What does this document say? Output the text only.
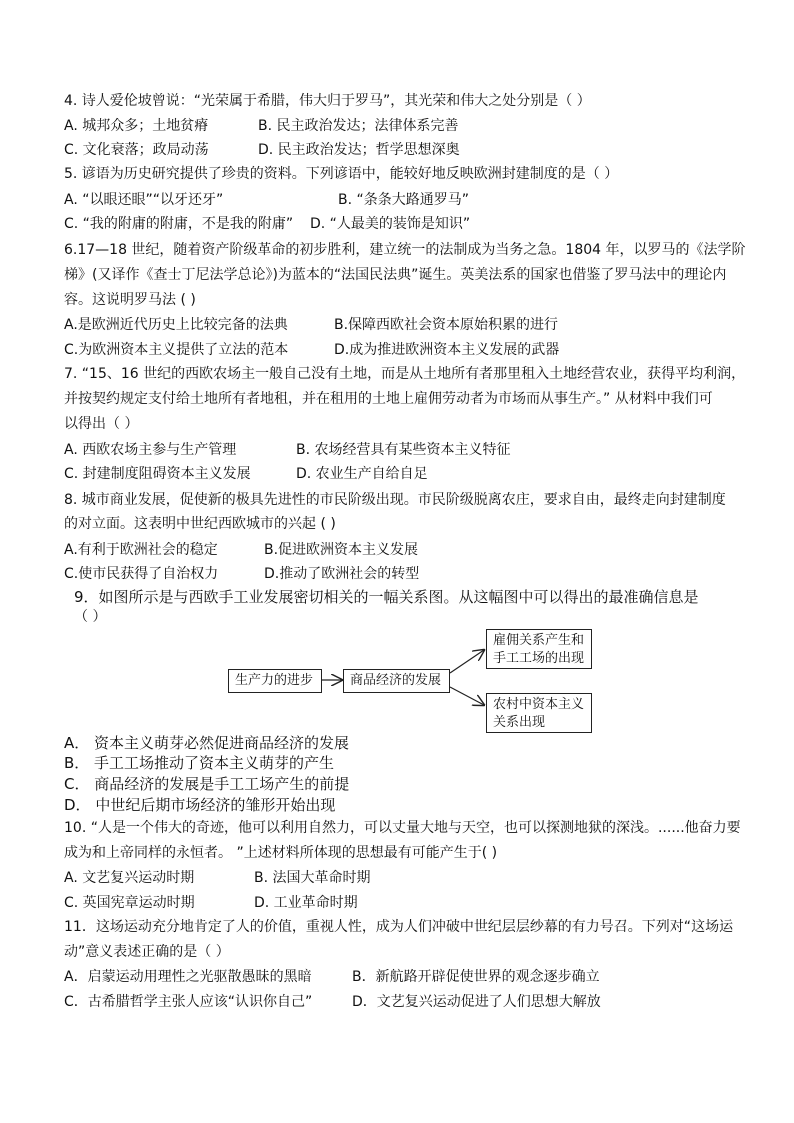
4. 诗人爱伦坡曾说：“光荣属于希腊，伟大归于罗马”，其光荣和伟大之处分别是（ ）
A. 城邦众多；土地贫瘠	B. 民主政治发达；法律体系完善
C. 文化衰落；政局动荡	D. 民主政治发达；哲学思想深奥
5. 谚语为历史研究提供了珍贵的资料。下列谚语中，能较好地反映欧洲封建制度的是（ ）
A. “以眼还眼”“以牙还牙”	B. “条条大路通罗马”
C. “我的附庸的附庸，不是我的附庸” D. “人最美的装饰是知识”
6.17—18 世纪，随着资产阶级革命的初步胜利，建立统一的法制成为当务之急。1804 年，以罗马的《法学阶
梯》(又译作《查士丁尼法学总论》)为蓝本的“法国民法典”诞生。英美法系的国家也借鉴了罗马法中的理论内
容。这说明罗马法 ( )
A.是欧洲近代历史上比较完备的法典	B.保障西欧社会资本原始积累的进行
C.为欧洲资本主义提供了立法的范本	D.成为推进欧洲资本主义发展的武器
7. “15、16 世纪的西欧农场主一般自己没有土地，而是从土地所有者那里租入土地经营农业，获得平均利润，
并按契约规定支付给土地所有者地租，并在租用的土地上雇佣劳动者为市场而从事生产。” 从材料中我们可
以得出（ ）
A. 西欧农场主参与生产管理	B. 农场经营具有某些资本主义特征
C. 封建制度阻碍资本主义发展	D. 农业生产自给自足
8. 城市商业发展，促使新的极具先进性的市民阶级出现。市民阶级脱离农庄，要求自由，最终走向封建制度
的对立面。这表明中世纪西欧城市的兴起 ( )
A.有利于欧洲社会的稳定	B.促进欧洲资本主义发展
C.使市民获得了自治权力	D.推动了欧洲社会的转型
9．如图所示是与西欧手工业发展密切相关的一幅关系图。从这幅图中可以得出的最准确信息是
（ ）
生产力的进步	商品经济的发展
雇佣关系产生和
手工工场的出现
农村中资本主义
关系出现
A． 资本主义萌芽必然促进商品经济的发展
B． 手工工场推动了资本主义萌芽的产生
C． 商品经济的发展是手工工场产生的前提
D． 中世纪后期市场经济的雏形开始出现
10. “人是一个伟大的奇迹，他可以利用自然力，可以丈量大地与天空，也可以探测地狱的深浅。......他奋力要
成为和上帝同样的永恒者。 ”上述材料所体现的思想最有可能产生于( )
A. 文艺复兴运动时期	B. 法国大革命时期
C. 英国宪章运动时期	D. 工业革命时期
11．这场运动充分地肯定了人的价值，重视人性，成为人们冲破中世纪层层纱幕的有力号召。下列对“这场运
动”意义表述正确的是（ ）
A．启蒙运动用理性之光驱散愚昧的黑暗	B．新航路开辟促使世界的观念逐步确立
C．古希腊哲学主张人应该“认识你自己”	D．文艺复兴运动促进了人们思想大解放
